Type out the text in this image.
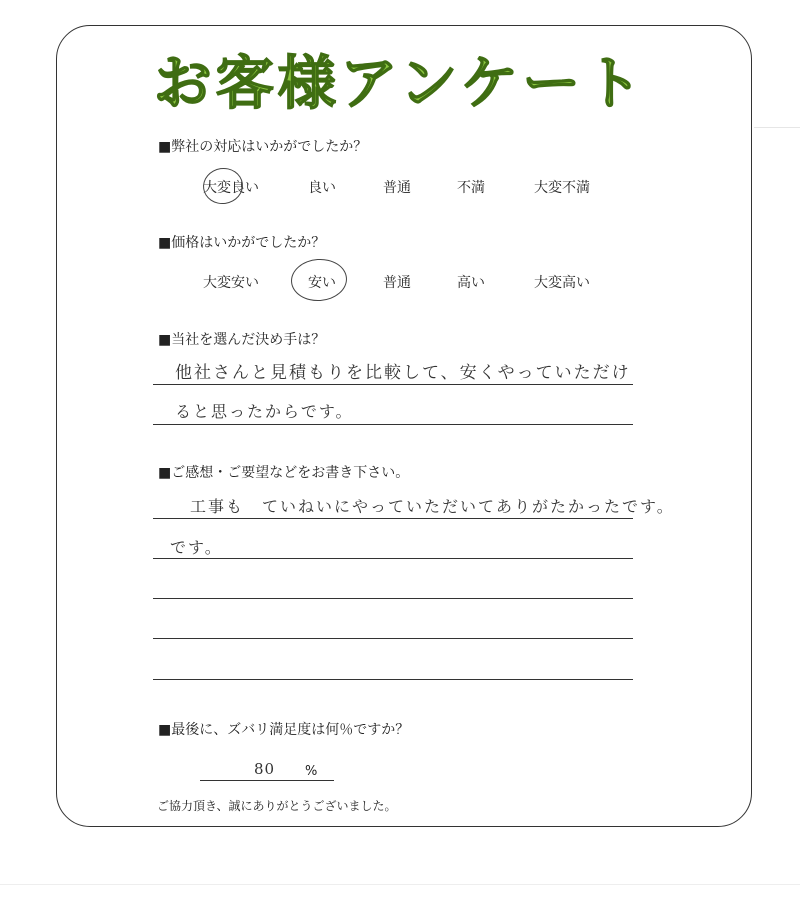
お客様アンケート
■弊社の対応はいかがでしたか？
大変良い	良い	普通	不満	大変不満
■価格はいかがでしたか？
大変安い	安い	普通	高い	大変高い
■当社を選んだ決め手は？
他社さんと見積もりを比較して、安くやっていただけ
ると思ったからです。
■ご感想・ご要望などをお書き下さい。
工事も　ていねいにやっていただいてありがたかったです。
です。
■最後に、ズバリ満足度は何％ですか？
80 %
ご協力頂き、誠にありがとうございました。
